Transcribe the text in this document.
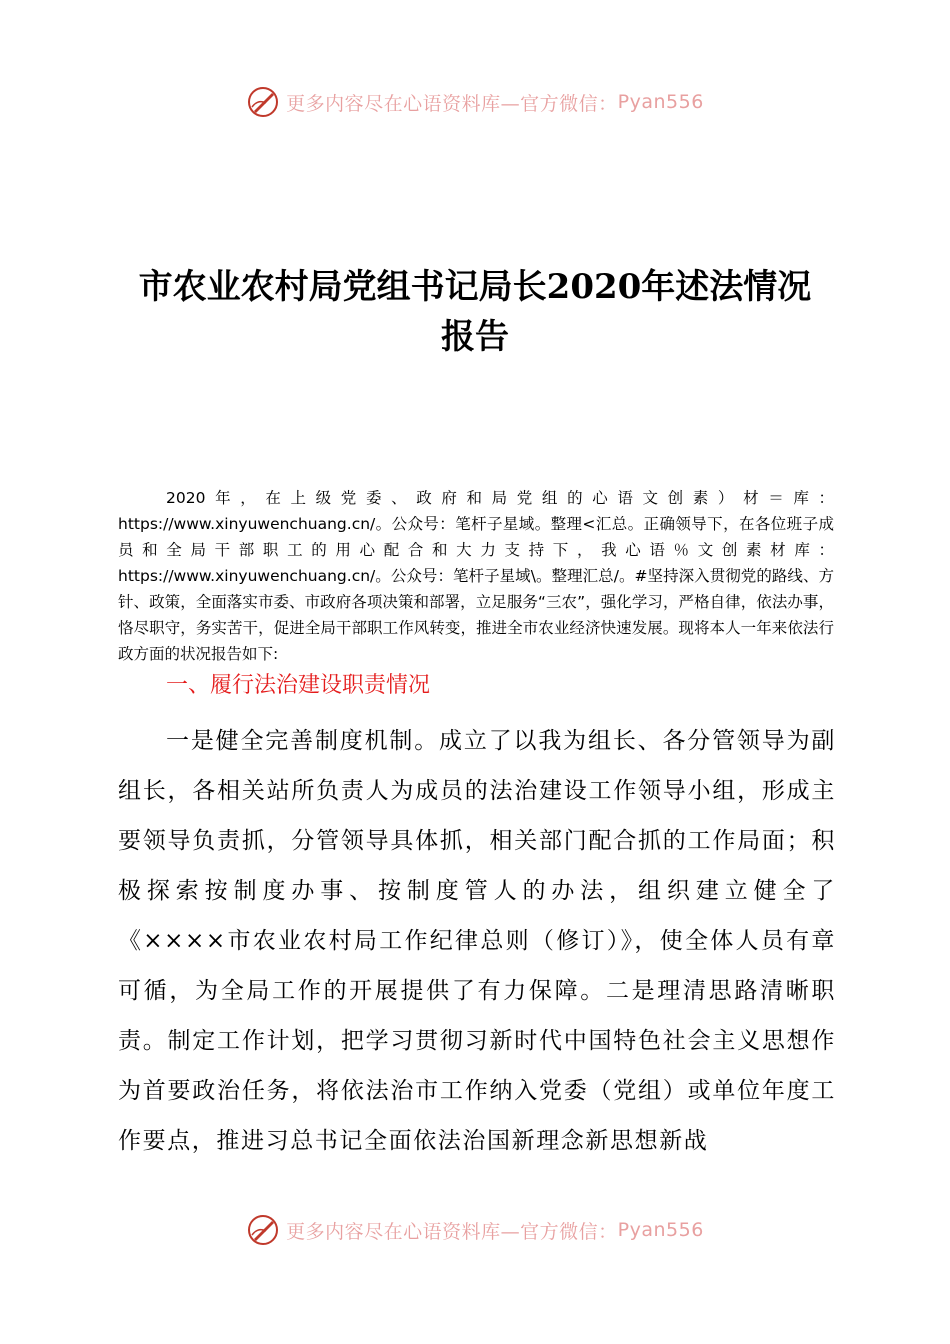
更多内容尽在心语资料库—官方微信： Pyan556
市农业农村局党组书记局长2020年述法情况
报告
2020年，在上级党委、政府和局党组的心语文创素）材＝库：https://www.xinyuwenchuang.cn/。公众号：笔杆子星域。整理<汇总。正确领导下，在各位班子成员和全局干部职工的用心配合和大力支持下，我心语％文创素材库：https://www.xinyuwenchuang.cn/。公众号：笔杆子星域\。整理汇总/。#坚持深入贯彻党的路线、方针、政策，全面落实市委、市政府各项决策和部署，立足服务“三农”，强化学习，严格自律，依法办事，恪尽职守，务实苦干，促进全局干部职工作风转变，推进全市农业经济快速发展。现将本人一年来依法行政方面的状况报告如下:
一、履行法治建设职责情况
一是健全完善制度机制。成立了以我为组长、各分管领导为副组长，各相关站所负责人为成员的法治建设工作领导小组，形成主要领导负责抓，分管领导具体抓，相关部门配合抓的工作局面；积极探索按制度办事、按制度管人的办法，组织建立健全了《××××市农业农村局工作纪律总则（修订）》，使全体人员有章可循，为全局工作的开展提供了有力保障。二是理清思路清晰职责。制定工作计划，把学习贯彻习新时代中国特色社会主义思想作为首要政治任务，将依法治市工作纳入党委（党组）或单位年度工作要点，推进习总书记全面依法治国新理念新思想新战
更多内容尽在心语资料库—官方微信： Pyan556
